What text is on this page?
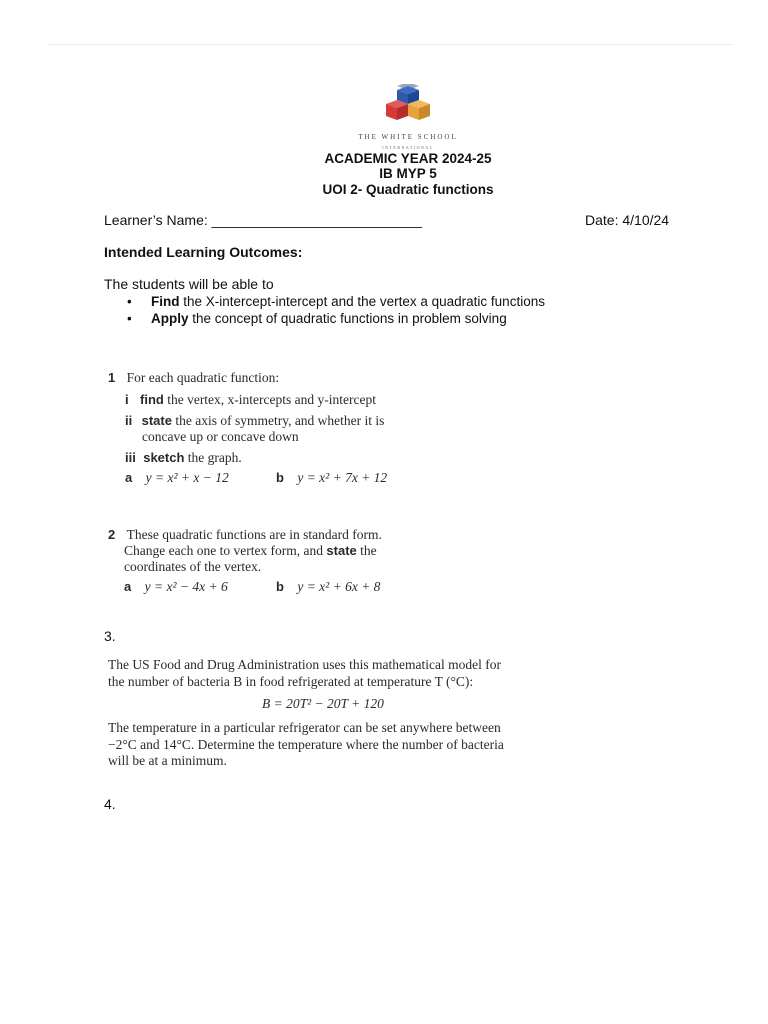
THE WHITE SCHOOL
INTERNATIONAL
ACADEMIC YEAR 2024-25
IB MYP 5
UOI 2- Quadratic functions
Learner’s Name: ___________________________	Date: 4/10/24
Intended Learning Outcomes:
The students will be able to
• Find the X-intercept-intercept and the vertex a quadratic functions
• Apply the concept of quadratic functions in problem solving
1 For each quadratic function:
i find the vertex, x-intercepts and y-intercept
ii state the axis of symmetry, and whether it is
concave up or concave down
iii sketch the graph.
a y = x² + x − 12	b y = x² + 7x + 12
2 These quadratic functions are in standard form.
Change each one to vertex form, and state the
coordinates of the vertex.
a y = x² − 4x + 6	b y = x² + 6x + 8
3.
The US Food and Drug Administration uses this mathematical model for
the number of bacteria B in food refrigerated at temperature T (°C):
B = 20T² − 20T + 120
The temperature in a particular refrigerator can be set anywhere between
−2°C and 14°C. Determine the temperature where the number of bacteria
will be at a minimum.
4.
